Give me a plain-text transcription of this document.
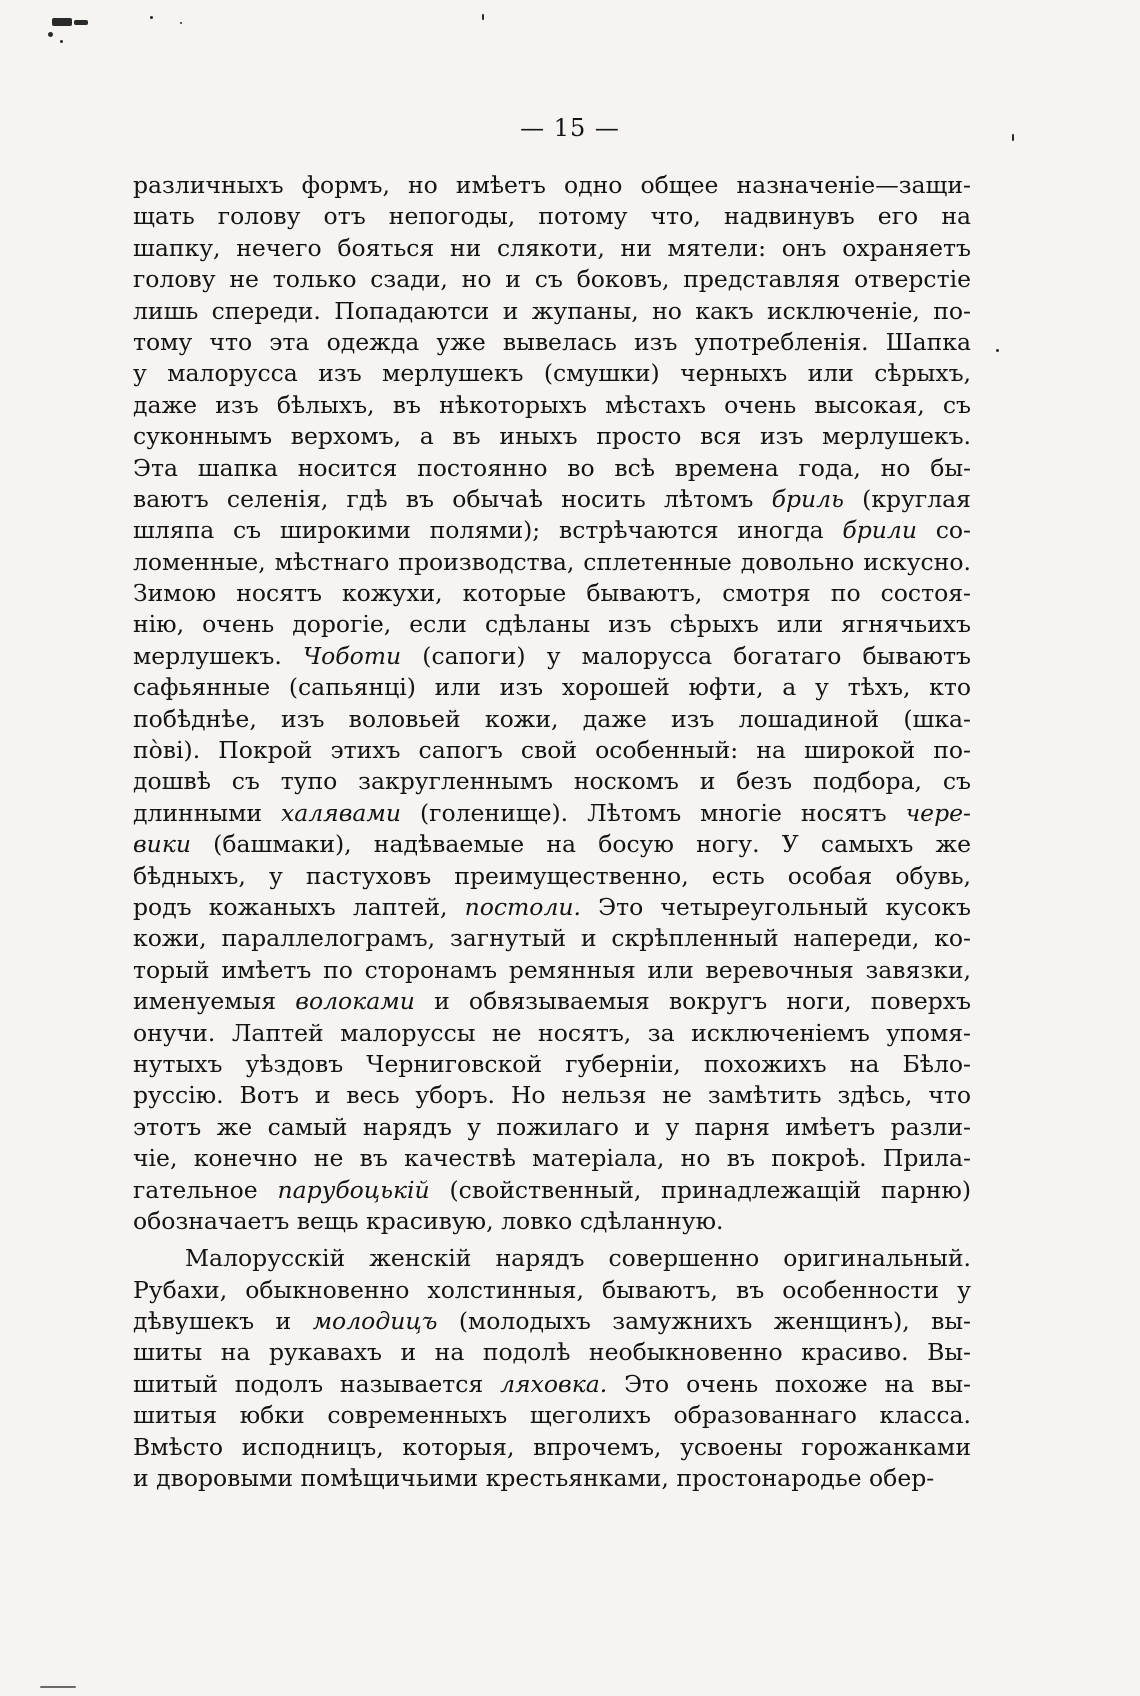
— 15 —
различныхъ формъ, но имѣетъ одно общее назначеніе—защи-
щать голову отъ непогоды, потому что, надвинувъ его на
шапку, нечего бояться ни слякоти, ни мятели: онъ охраняетъ
голову не только сзади, но и съ боковъ, представляя отверстіе
лишь спереди. Попадаютси и жупаны, но какъ исключеніе, по-
тому что эта одежда уже вывелась изъ употребленія. Шапка
у малорусса изъ мерлушекъ (смушки) черныхъ или сѣрыхъ,
даже изъ бѣлыхъ, въ нѣкоторыхъ мѣстахъ очень высокая, съ
суконнымъ верхомъ, а въ иныхъ просто вся изъ мерлушекъ.
Эта шапка носится постоянно во всѣ времена года, но бы-
ваютъ селенія, гдѣ въ обычаѣ носить лѣтомъ бриль (круглая
шляпа съ широкими полями); встрѣчаются иногда брили со-
ломенные, мѣстнаго производства, сплетенные довольно искусно.
Зимою носятъ кожухи, которые бываютъ, смотря по состоя-
нію, очень дорогіе, если сдѣланы изъ сѣрыхъ или ягнячьихъ
мерлушекъ. Чоботи (сапоги) у малорусса богатаго бываютъ
сафьянные (сапьянці) или изъ хорошей юфти, а у тѣхъ, кто
побѣднѣе, изъ воловьей кожи, даже изъ лошадиной (шка-
пòві). Покрой этихъ сапогъ свой особенный: на широкой по-
дошвѣ съ тупо закругленнымъ носкомъ и безъ подбора, съ
длинными халявами (голенище). Лѣтомъ многіе носятъ чере-
вики (башмаки), надѣваемые на босую ногу. У самыхъ же
бѣдныхъ, у пастуховъ преимущественно, есть особая обувь,
родъ кожаныхъ лаптей, постоли. Это четыреугольный кусокъ
кожи, параллелограмъ, загнутый и скрѣпленный напереди, ко-
торый имѣетъ по сторонамъ ремянныя или веревочныя завязки,
именуемыя волоками и обвязываемыя вокругъ ноги, поверхъ
онучи. Лаптей малоруссы не носятъ, за исключеніемъ упомя-
нутыхъ уѣздовъ Черниговской губерніи, похожихъ на Бѣло-
руссію. Вотъ и весь уборъ. Но нельзя не замѣтить здѣсь, что
этотъ же самый нарядъ у пожилаго и у парня имѣетъ разли-
чіе, конечно не въ качествѣ матеріала, но въ покроѣ. Прила-
гательное парубоцькій (свойственный, принадлежащій парню)
обозначаетъ вещь красивую, ловко сдѣланную.
Малорусскій женскій нарядъ совершенно оригинальный.
Рубахи, обыкновенно холстинныя, бываютъ, въ особенности у
дѣвушекъ и молодицъ (молодыхъ замужнихъ женщинъ), вы-
шиты на рукавахъ и на подолѣ необыкновенно красиво. Вы-
шитый подолъ называется ляховка. Это очень похоже на вы-
шитыя юбки современныхъ щеголихъ образованнаго класса.
Вмѣсто исподницъ, которыя, впрочемъ, усвоены горожанками
и дворовыми помѣщичьими крестьянками, простонародье обер-
